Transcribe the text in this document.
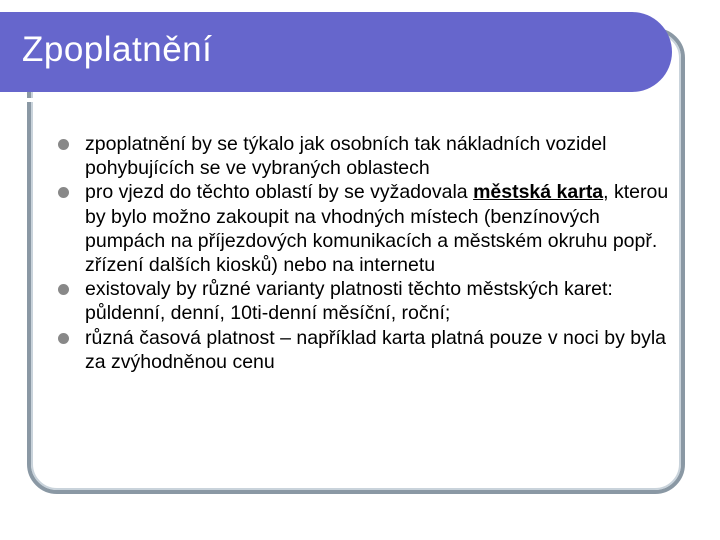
Zpoplatnění
zpoplatnění by se týkalo jak osobních tak nákladních vozidel pohybujících se ve vybraných oblastech
pro vjezd do těchto oblastí by se vyžadovala městská karta, kterou by bylo možno zakoupit na vhodných místech (benzínových pumpách na příjezdových komunikacích a městském okruhu popř. zřízení dalších kiosků) nebo na internetu
existovaly by různé varianty platnosti těchto městských karet: půldenní, denní, 10ti-denní měsíční, roční;
různá časová platnost – například karta platná pouze v noci by byla za zvýhodněnou cenu
